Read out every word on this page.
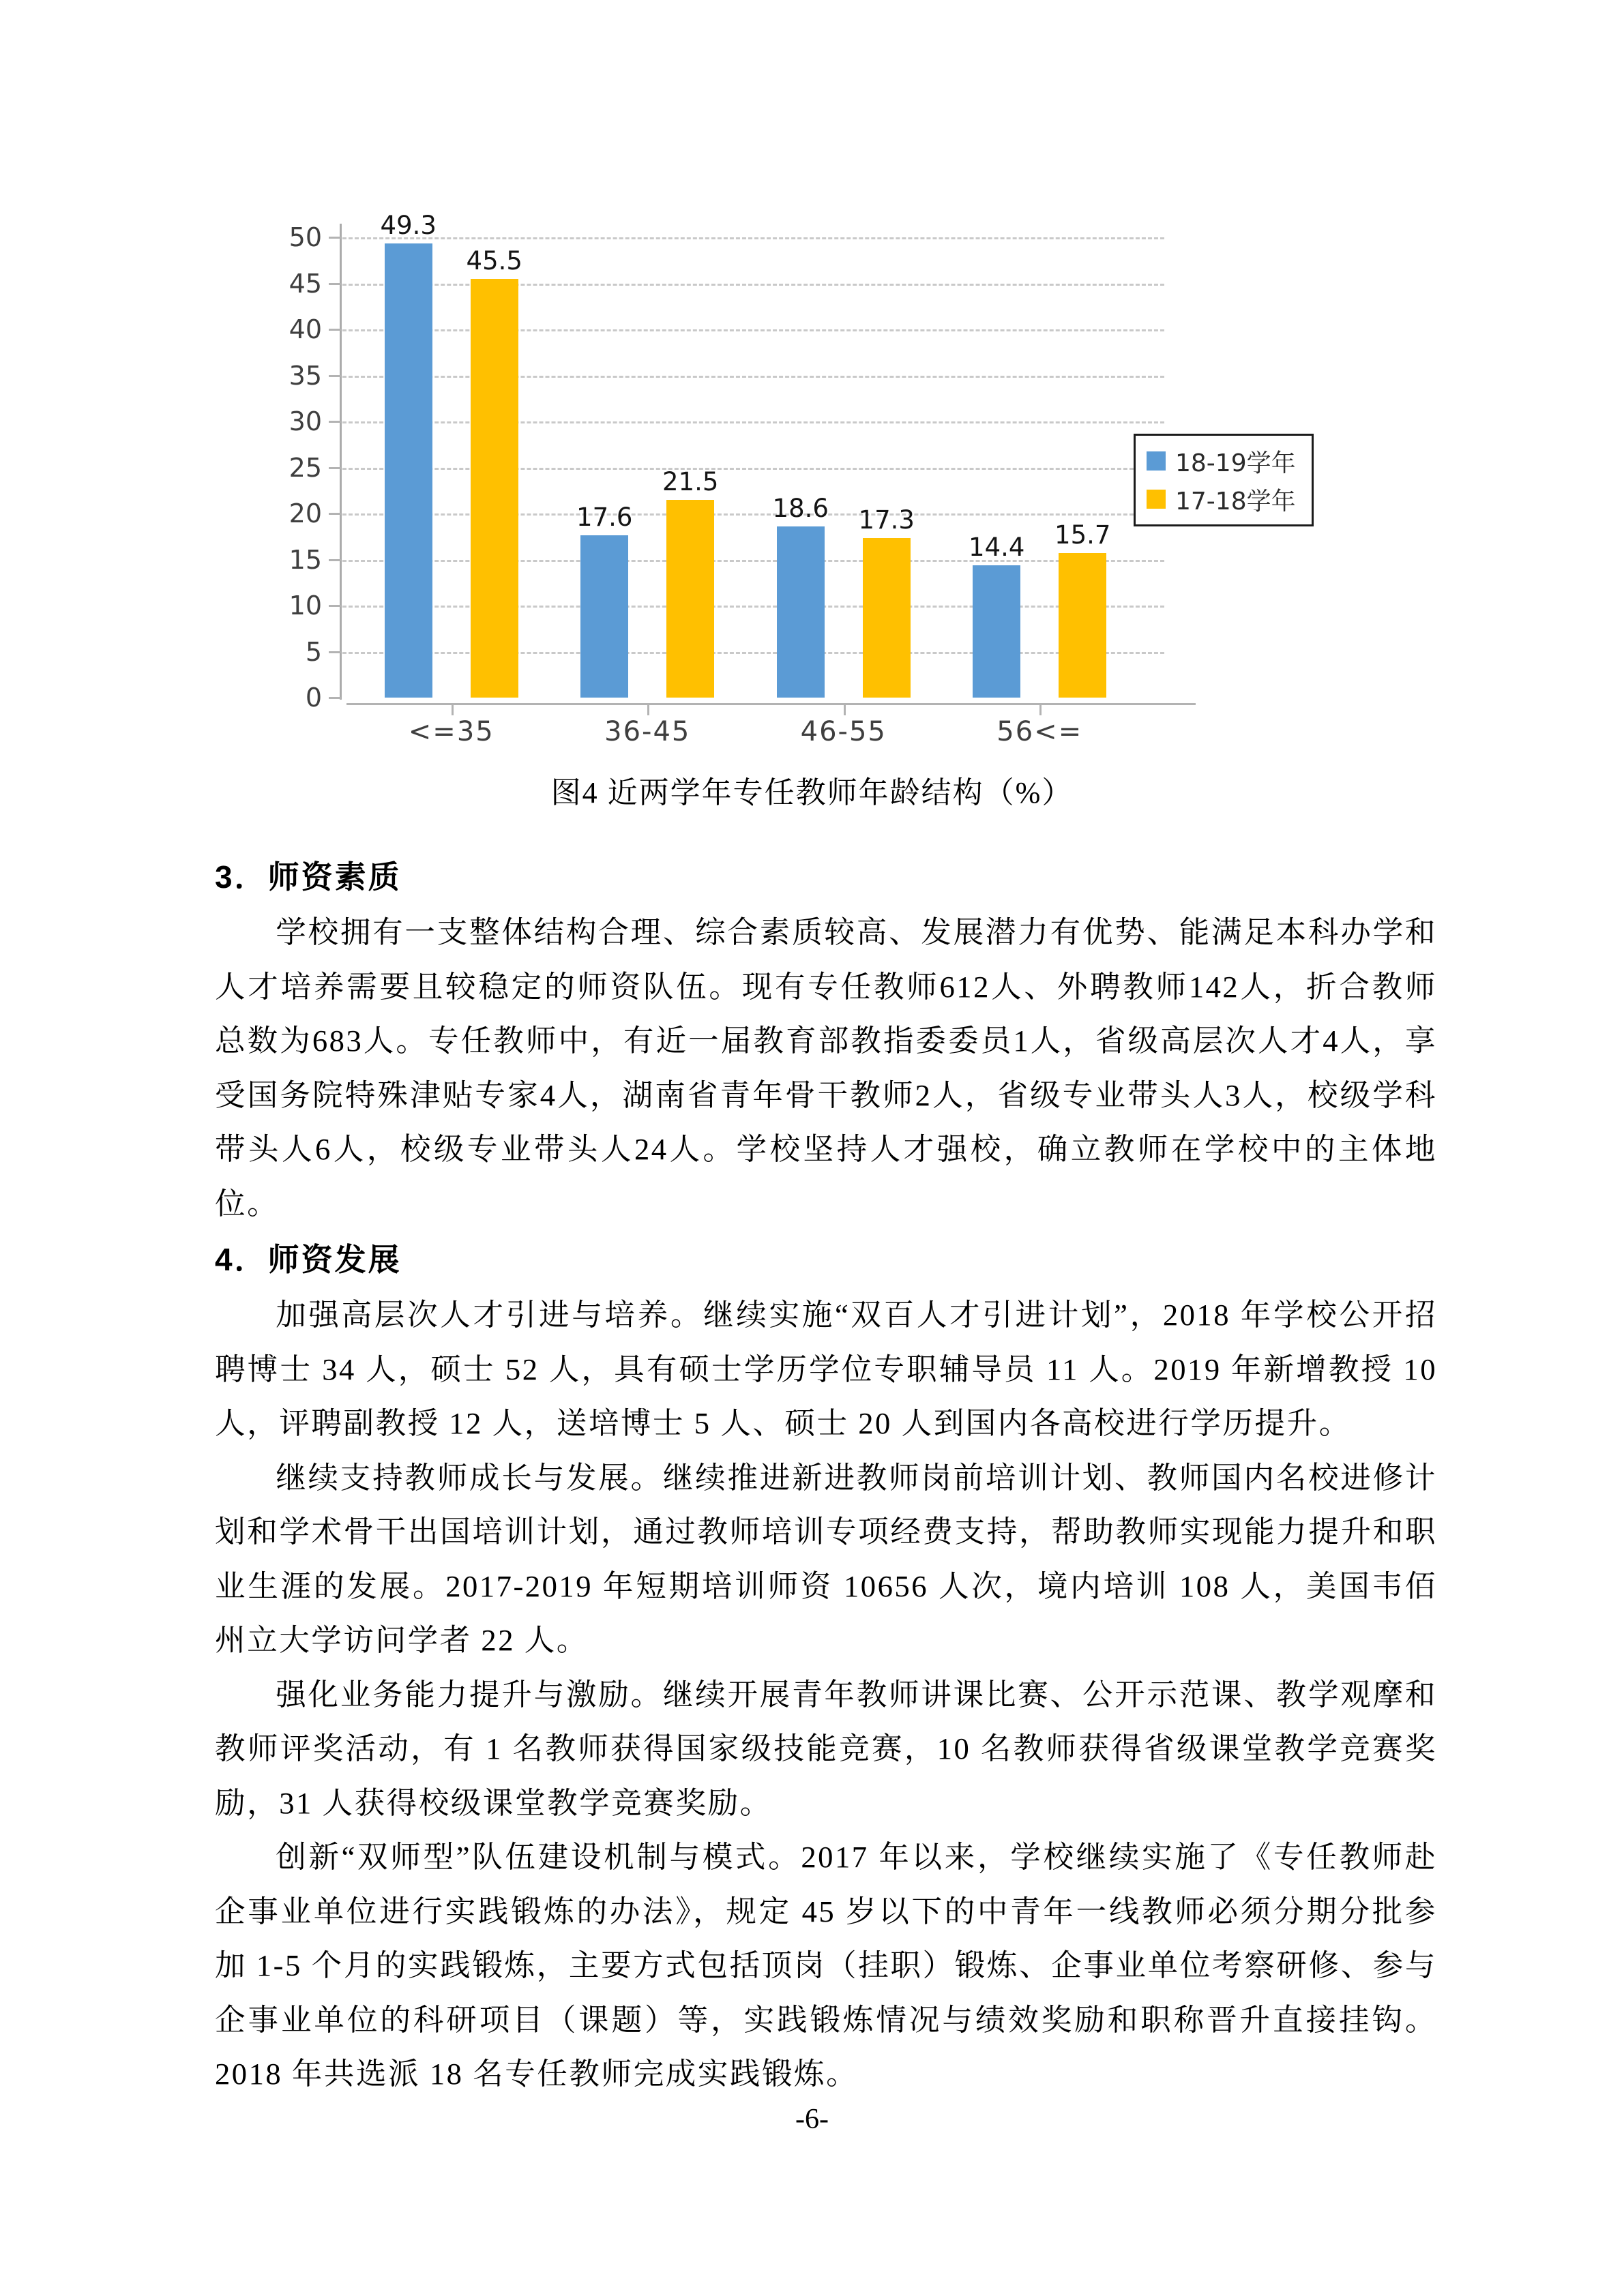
0
5
10
15
20
25
30
35
40
45
50	49.3
45.5
<=35
17.6
21.5
36-45
18.6	17.3
46-55
14.4	15.7
56<=
18-19学年
17-18学年
图4 近两学年专任教师年龄结构（%）
3．师资素质

学校拥有一支整体结构合理、综合素质较高、发展潜力有优势、能满足本科办学和人才培养需要且较稳定的师资队伍。现有专任教师612人、外聘教师142人，折合教师总数为683人。专任教师中，有近一届教育部教指委委员1人，省级高层次人才4人，享受国务院特殊津贴专家4人，湖南省青年骨干教师2人，省级专业带头人3人，校级学科带头人6人，校级专业带头人24人。学校坚持人才强校，确立教师在学校中的主体地位。

4．师资发展

加强高层次人才引进与培养。继续实施“双百人才引进计划”，2018 年学校公开招聘博士 34 人，硕士 52 人，具有硕士学历学位专职辅导员 11 人。2019 年新增教授 10 人，评聘副教授 12 人，送培博士 5 人、硕士 20 人到国内各高校进行学历提升。

继续支持教师成长与发展。继续推进新进教师岗前培训计划、教师国内名校进修计划和学术骨干出国培训计划，通过教师培训专项经费支持，帮助教师实现能力提升和职业生涯的发展。2017-2019 年短期培训师资 10656 人次，境内培训 108 人，美国韦佰州立大学访问学者 22 人。

强化业务能力提升与激励。继续开展青年教师讲课比赛、公开示范课、教学观摩和教师评奖活动，有 1 名教师获得国家级技能竞赛，10 名教师获得省级课堂教学竞赛奖励，31 人获得校级课堂教学竞赛奖励。

创新“双师型”队伍建设机制与模式。2017 年以来，学校继续实施了《专任教师赴企事业单位进行实践锻炼的办法》，规定 45 岁以下的中青年一线教师必须分期分批参加 1-5 个月的实践锻炼，主要方式包括顶岗（挂职）锻炼、企事业单位考察研修、参与企事业单位的科研项目（课题）等，实践锻炼情况与绩效奖励和职称晋升直接挂钩。2018 年共选派 18 名专任教师完成实践锻炼。

-6-
